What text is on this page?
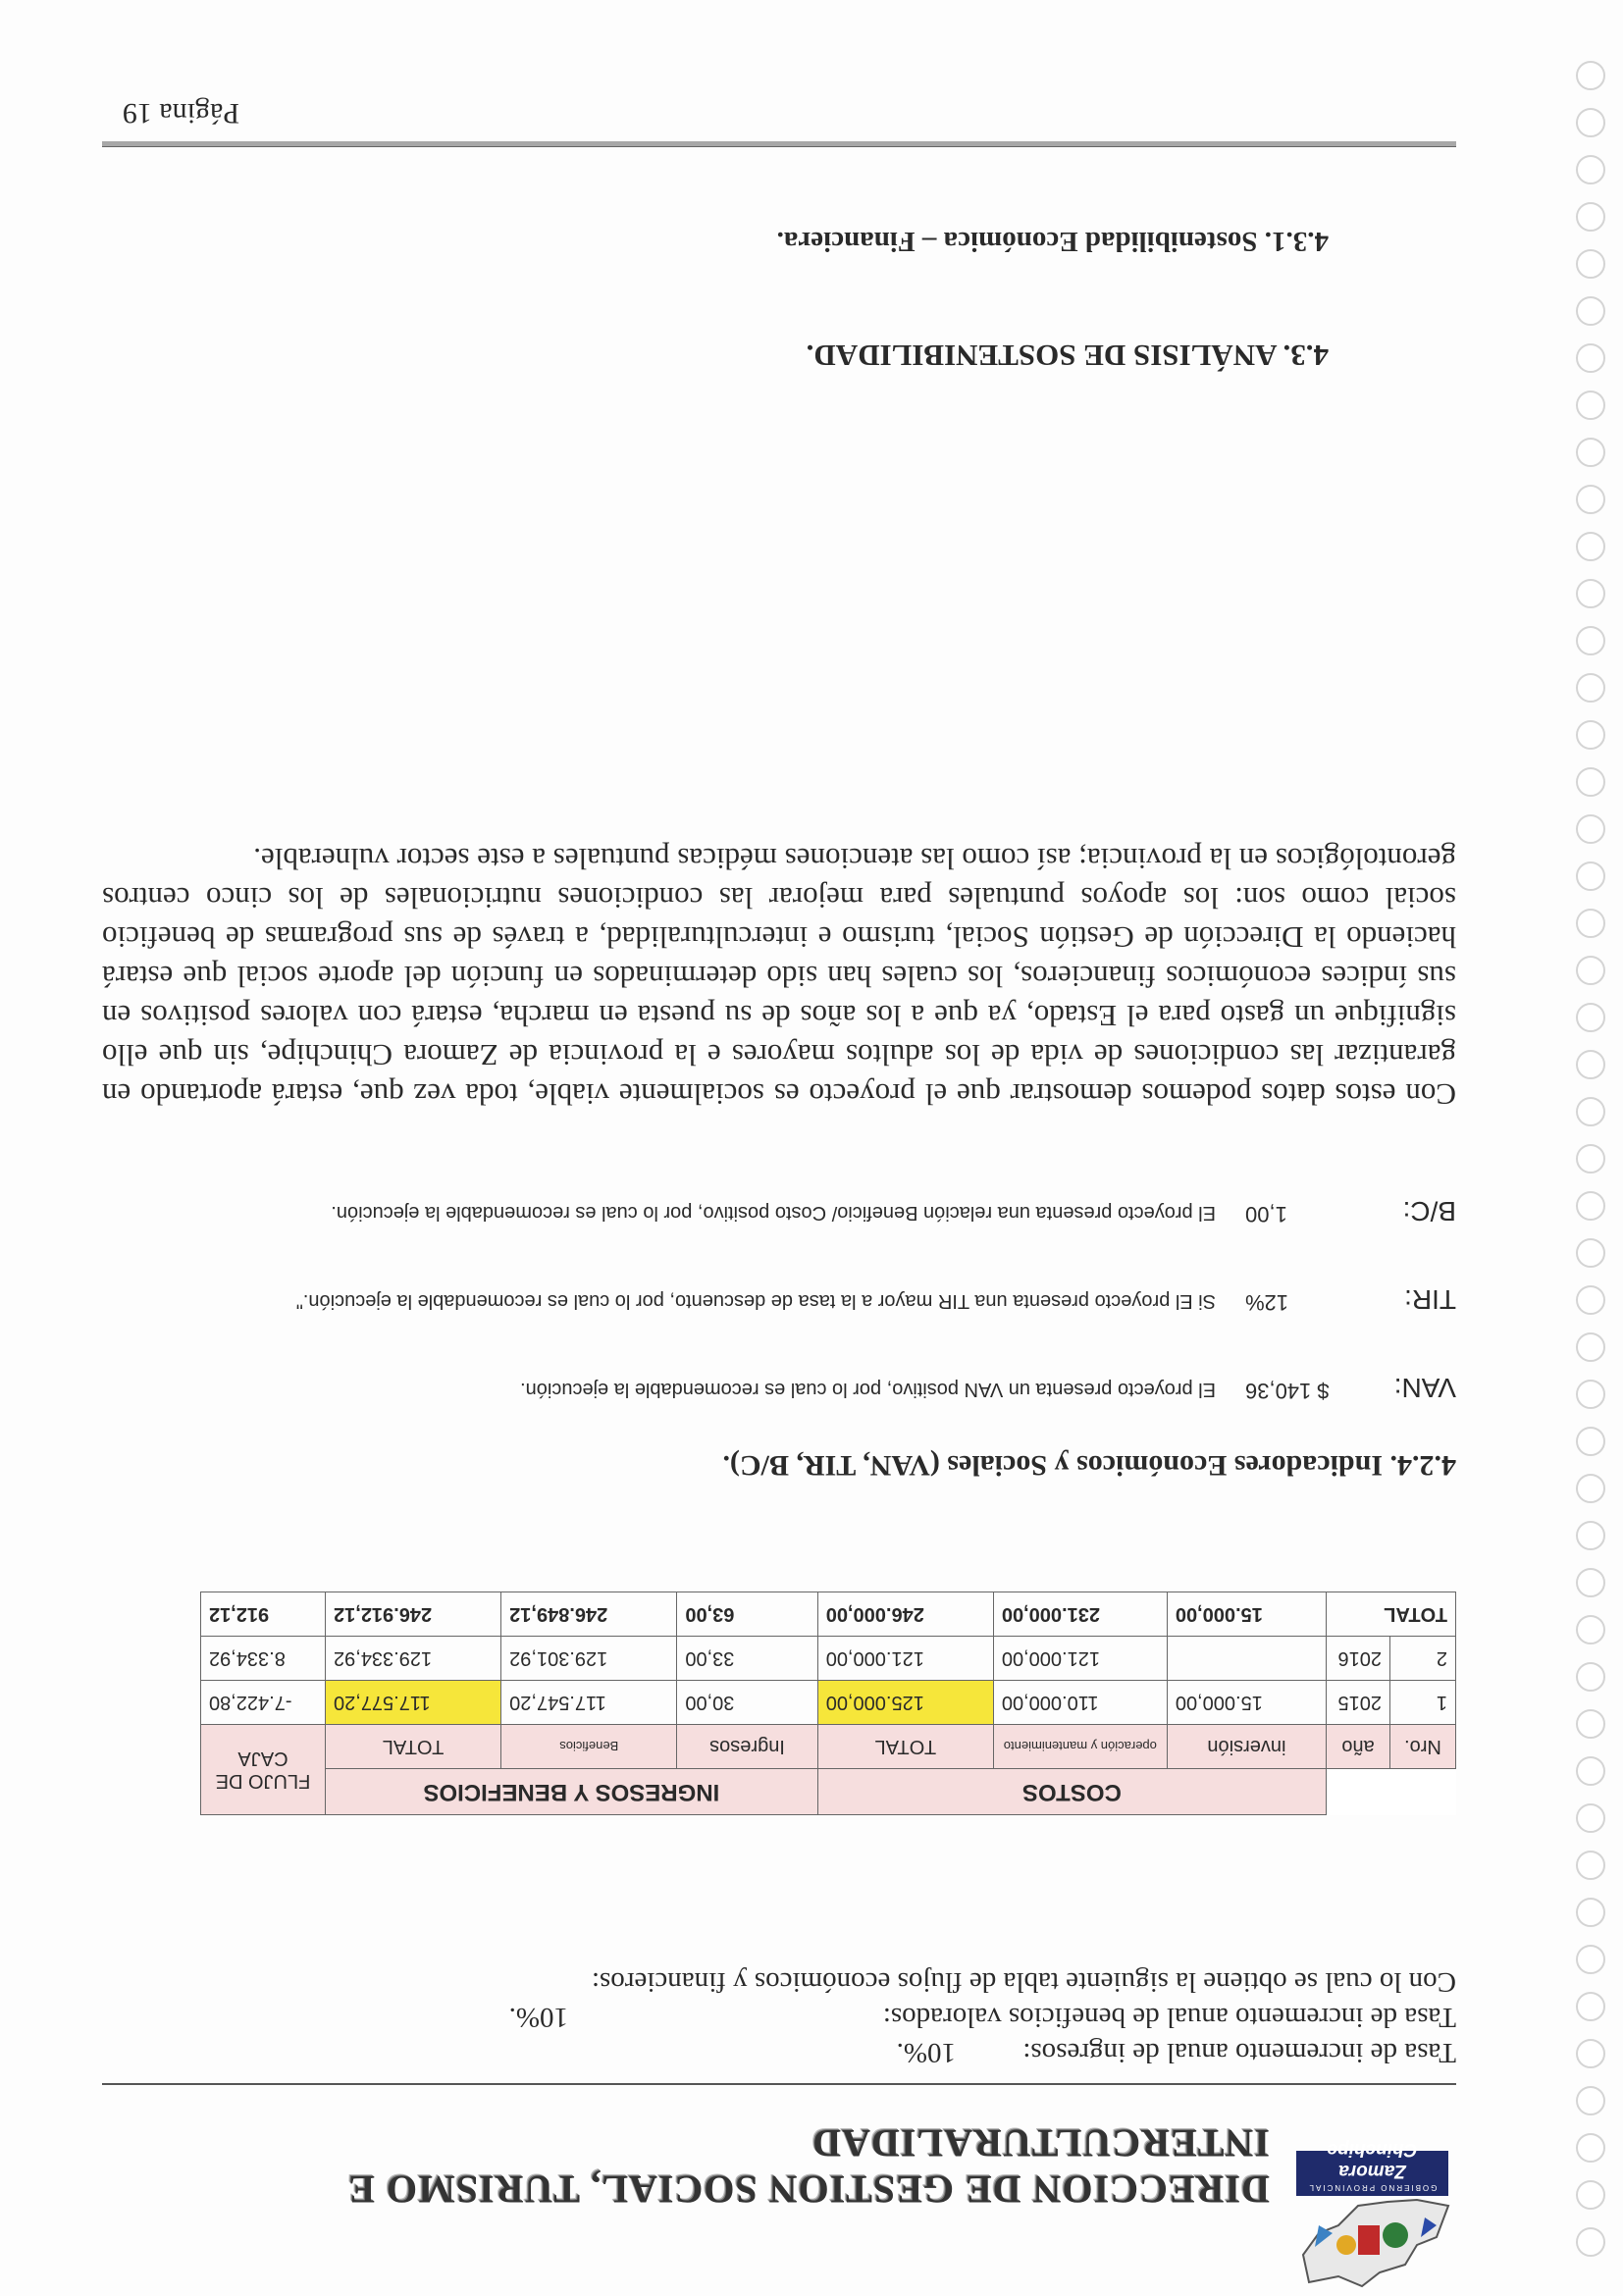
GOBIERNO PROVINCIAL
Zamora Chinchipe
DIRECCION DE GESTION SOCIAL, TURISMO E INTERCULTURALIDAD
Tasa de incremento anual de ingresos:
10%.
Tasa de incremento anual de beneficios valorados:
10%.
Con lo cual se obtiene la siguiente tabla de flujos económicos y financieros:
		COSTOS			INGRESOS Y BENEFICIOS			FLUJO DE CAJA
Nro.	año	inversión	operación y mantenimiento	TOTAL	Ingresos	Beneficios	TOTAL	
1	2015	15.000,00	110.000,00	125.000,00	30,00	117.547,20	117.577,20	-7.422,80
2	2016		121.000,00	121.000,00	33,00	129.301,92	129.334,92	8.334,92
TOTAL		15.000,00	231.000,00	246.000,00	63,00	246.849,12	246.912,12	912,12
4.2.4. Indicadores Económicos y Sociales (VAN, TIR, B/C).
VAN:
$ 140,36
El proyecto presenta un VAN positivo, por lo cual es recomendable la ejecución.
TIR:
12%
Si El proyecto presenta una TIR mayor a la tasa de descuento, por lo cual es recomendable la ejecución."
B/C:
1,00
El proyecto presenta una relación Beneficio/ Costo positivo, por lo cual es recomendable la ejecución.
Con estos datos podemos demostrar que el proyecto es socialmente viable, toda vez que, estará aportando en garantizar las condiciones de vida de los adultos mayores e la provincia de Zamora Chinchipe, sin que ello signifique un gasto para el Estado, ya que a los años de su puesta en marcha, estará con valores positivos en sus índices económicos financieros, los cuales han sido determinados en función del aporte social que estará haciendo la Dirección de Gestión Social, turismo e interculturalidad, a través de sus programas de beneficio social como son: los apoyos puntuales para mejorar las condiciones nutricionales de los cinco centros gerontológicos en la provincia; así como las atenciones médicas puntuales a este sector vulnerable.
4.3. ANÁLISIS DE SOSTENIBILIDAD.
4.3.1. Sostenibilidad Económica – Financiera.
Página 19
